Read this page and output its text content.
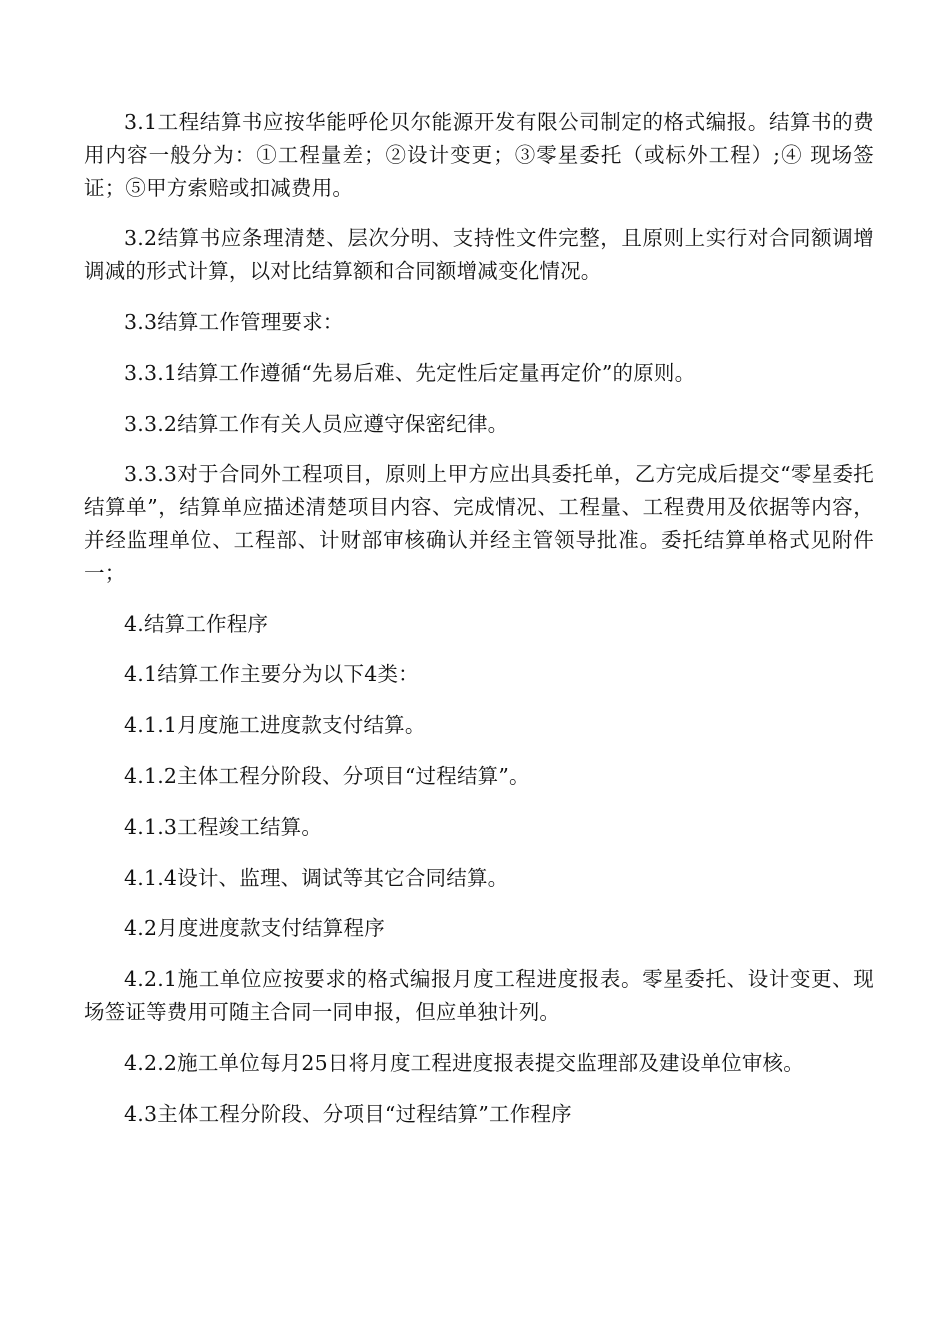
3.1工程结算书应按华能呼伦贝尔能源开发有限公司制定的格式编报。结算书的费用内容一般分为：①工程量差；②设计变更；③零星委托（或标外工程）;④ 现场签证；⑤甲方索赔或扣减费用。

3.2结算书应条理清楚、层次分明、支持性文件完整，且原则上实行对合同额调增调减的形式计算，以对比结算额和合同额增减变化情况。

3.3结算工作管理要求：

3.3.1结算工作遵循“先易后难、先定性后定量再定价”的原则。

3.3.2结算工作有关人员应遵守保密纪律。

3.3.3对于合同外工程项目，原则上甲方应出具委托单，乙方完成后提交“零星委托结算单”，结算单应描述清楚项目内容、完成情况、工程量、工程费用及依据等内容，并经监理单位、工程部、计财部审核确认并经主管领导批准。委托结算单格式见附件一；

4.结算工作程序

4.1结算工作主要分为以下4类：

4.1.1月度施工进度款支付结算。

4.1.2主体工程分阶段、分项目“过程结算”。

4.1.3工程竣工结算。

4.1.4设计、监理、调试等其它合同结算。

4.2月度进度款支付结算程序

4.2.1施工单位应按要求的格式编报月度工程进度报表。零星委托、设计变更、现场签证等费用可随主合同一同申报，但应单独计列。

4.2.2施工单位每月25日将月度工程进度报表提交监理部及建设单位审核。

4.3主体工程分阶段、分项目“过程结算”工作程序
